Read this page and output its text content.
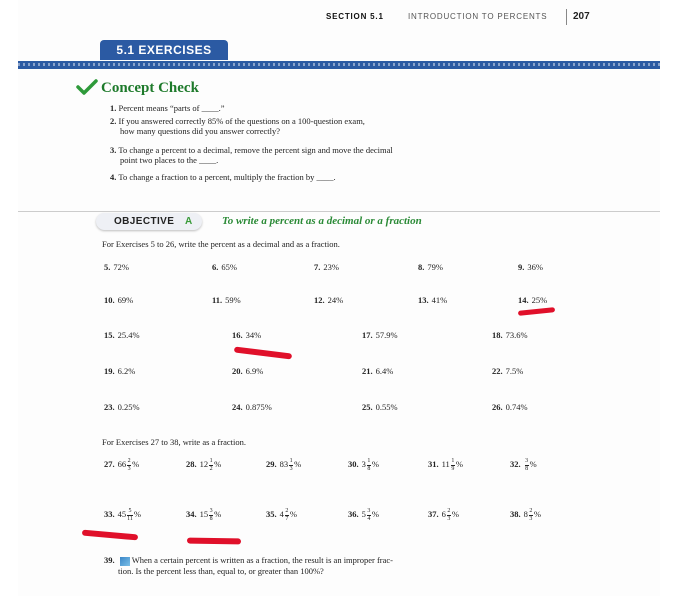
SECTION 5.1	INTRODUCTION TO PERCENTS	207
5.1 EXERCISES
Concept Check
1. Percent means “parts of ____.”
2. If you answered correctly 85% of the questions on a 100-question exam,
how many questions did you answer correctly?
3. To change a percent to a decimal, remove the percent sign and move the decimal
point two places to the ____.
4. To change a fraction to a percent, multiply the fraction by ____.
OBJECTIVE A	To write a percent as a decimal or a fraction
For Exercises 5 to 26, write the percent as a decimal and as a fraction.
5. 72%	6. 65%	7. 23%	8. 79%	9. 36%
10. 69%	11. 59%	12. 24%	13. 41%	14. 25%
15. 25.4%	16. 34%	17. 57.9%	18. 73.6%
19. 6.2%	20. 6.9%	21. 6.4%	22. 7.5%
23. 0.25%	24. 0.875%	25. 0.55%	26. 0.74%
For Exercises 27 to 38, write as a fraction.
27. $66 \frac{2}{3}$ %	28. $12 \frac{1}{2}$ %	29. $83 \frac{1}{3}$ %	30. $3 \frac{1}{8}$ %	31. $11 \frac{1}{9}$ %	32. $\frac{3}{8}$ %
33. $45 \frac{5}{11}$ %	34. $15 \frac{3}{8}$ %	35. $4 \frac{2}{7}$ %	36. $5 \frac{3}{4}$ %	37. $6 \frac{2}{3}$ %	38. $8 \frac{2}{3}$ %
39. When a certain percent is written as a fraction, the result is an improper frac-
tion. Is the percent less than, equal to, or greater than 100%?
